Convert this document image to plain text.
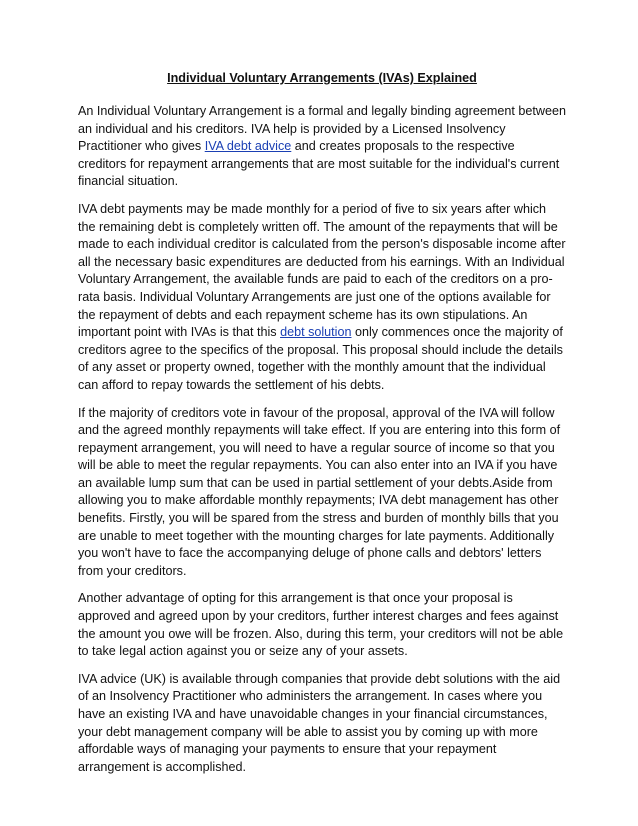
Individual Voluntary Arrangements (IVAs) Explained

An Individual Voluntary Arrangement is a formal and legally binding agreement between an individual and his creditors. IVA help is provided by a Licensed Insolvency Practitioner who gives IVA debt advice and creates proposals to the respective creditors for repayment arrangements that are most suitable for the individual's current financial situation.

IVA debt payments may be made monthly for a period of five to six years after which the remaining debt is completely written off. The amount of the repayments that will be made to each individual creditor is calculated from the person's disposable income after all the necessary basic expenditures are deducted from his earnings. With an Individual Voluntary Arrangement, the available funds are paid to each of the creditors on a pro-rata basis. Individual Voluntary Arrangements are just one of the options available for the repayment of debts and each repayment scheme has its own stipulations. An important point with IVAs is that this debt solution only commences once the majority of creditors agree to the specifics of the proposal. This proposal should include the details of any asset or property owned, together with the monthly amount that the individual can afford to repay towards the settlement of his debts.

If the majority of creditors vote in favour of the proposal, approval of the IVA will follow and the agreed monthly repayments will take effect. If you are entering into this form of repayment arrangement, you will need to have a regular source of income so that you will be able to meet the regular repayments. You can also enter into an IVA if you have an available lump sum that can be used in partial settlement of your debts.Aside from allowing you to make affordable monthly repayments; IVA debt management has other benefits. Firstly, you will be spared from the stress and burden of monthly bills that you are unable to meet together with the mounting charges for late payments. Additionally you won't have to face the accompanying deluge of phone calls and debtors' letters from your creditors.

Another advantage of opting for this arrangement is that once your proposal is approved and agreed upon by your creditors, further interest charges and fees against the amount you owe will be frozen. Also, during this term, your creditors will not be able to take legal action against you or seize any of your assets.

IVA advice (UK) is available through companies that provide debt solutions with the aid of an Insolvency Practitioner who administers the arrangement. In cases where you have an existing IVA and have unavoidable changes in your financial circumstances, your debt management company will be able to assist you by coming up with more affordable ways of managing your payments to ensure that your repayment arrangement is accomplished.
